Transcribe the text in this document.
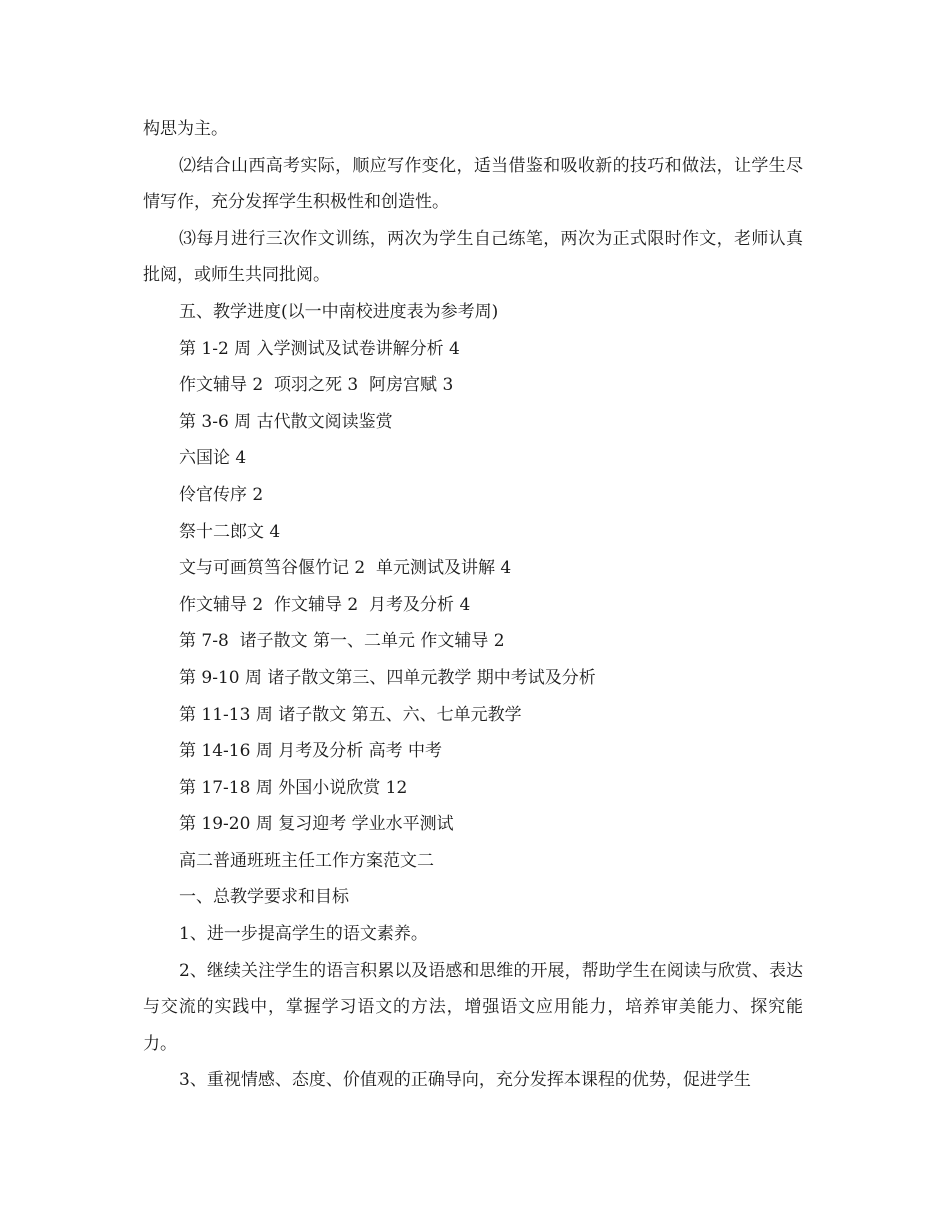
构思为主。

⑵结合山西高考实际，顺应写作变化，适当借鉴和吸收新的技巧和做法，让学生尽情写作，充分发挥学生积极性和创造性。

⑶每月进行三次作文训练，两次为学生自己练笔，两次为正式限时作文，老师认真批阅，或师生共同批阅。

五、教学进度(以一中南校进度表为参考周)

第 1-2 周 入学测试及试卷讲解分析 4

作文辅导 2  项羽之死 3  阿房宫赋 3

第 3-6 周 古代散文阅读鉴赏

六国论 4

伶官传序 2

祭十二郎文 4

文与可画筼筜谷偃竹记 2  单元测试及讲解 4

作文辅导 2  作文辅导 2  月考及分析 4

第 7-8  诸子散文 第一、二单元 作文辅导 2

第 9-10 周 诸子散文第三、四单元教学 期中考试及分析

第 11-13 周 诸子散文 第五、六、七单元教学

第 14-16 周 月考及分析 高考 中考

第 17-18 周 外国小说欣赏 12

第 19-20 周 复习迎考 学业水平测试

高二普通班班主任工作方案范文二

一、总教学要求和目标

1、进一步提高学生的语文素养。

2、继续关注学生的语言积累以及语感和思维的开展，帮助学生在阅读与欣赏、表达与交流的实践中，掌握学习语文的方法，增强语文应用能力，培养审美能力、探究能力。

3、重视情感、态度、价值观的正确导向，充分发挥本课程的优势，促进学生
